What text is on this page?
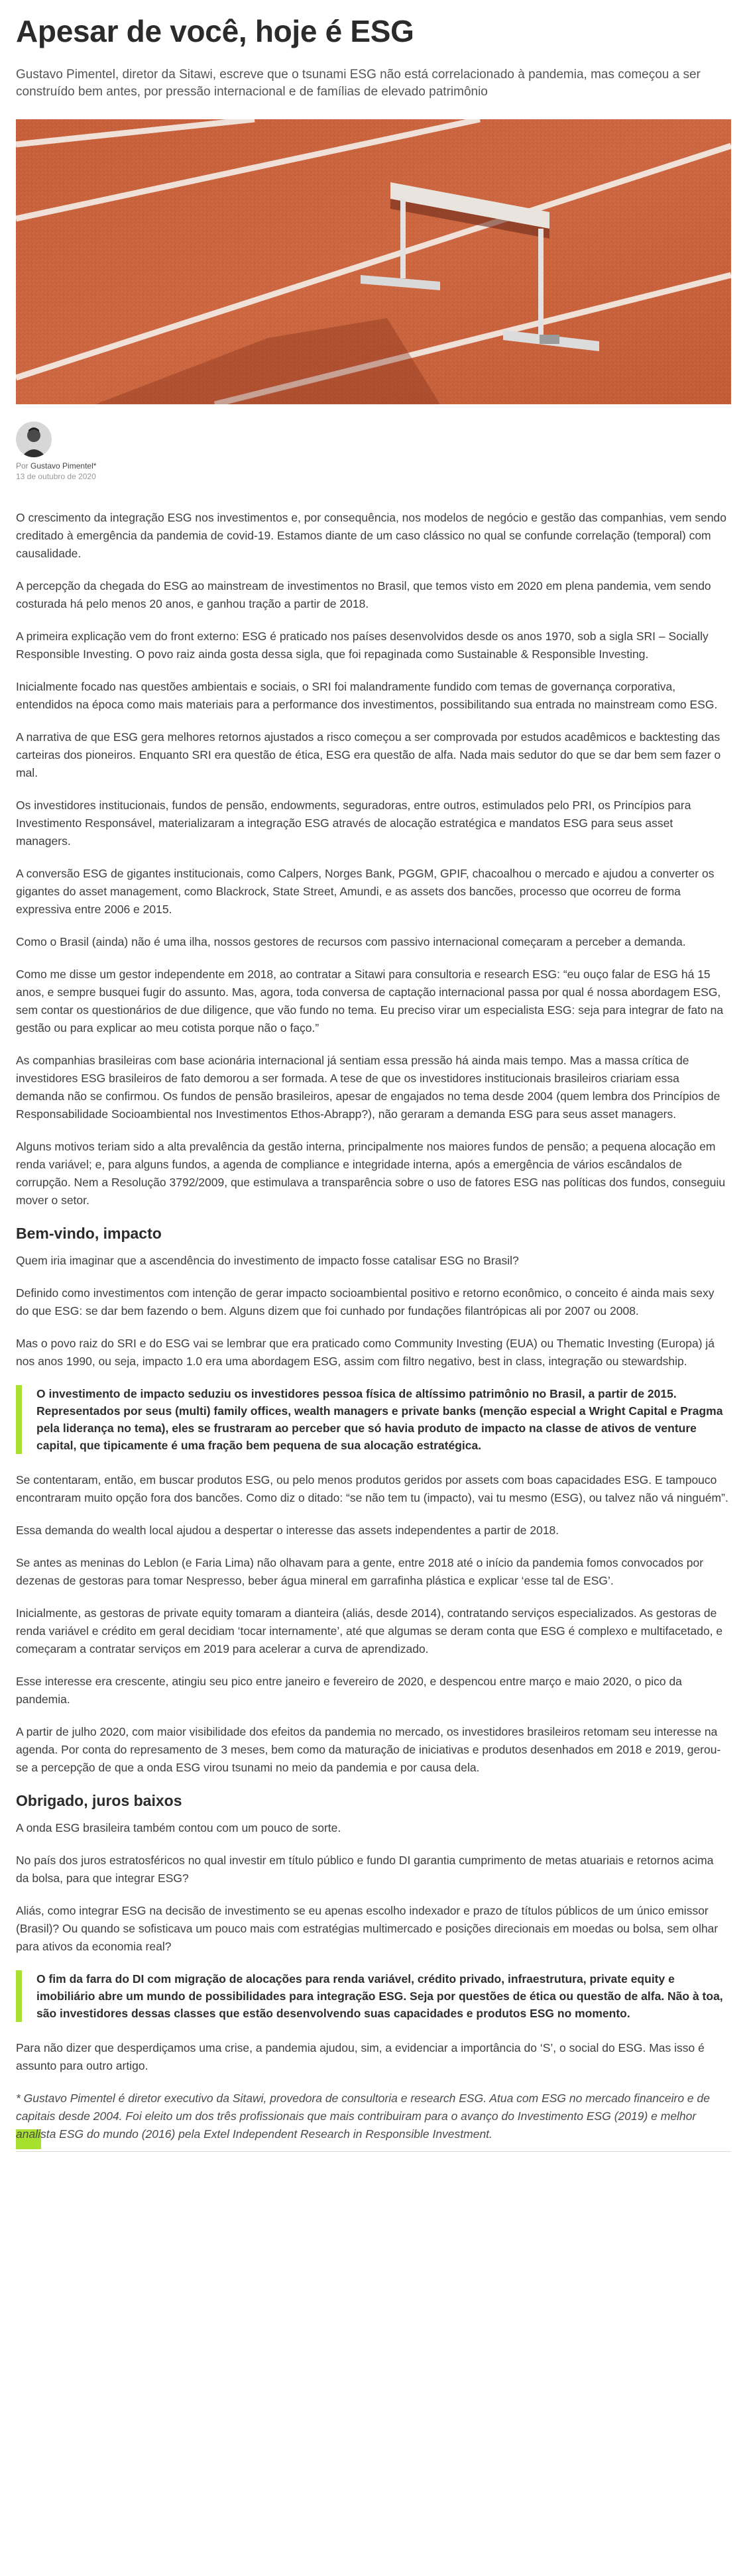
Apesar de você, hoje é ESG

Gustavo Pimentel, diretor da Sitawi, escreve que o tsunami ESG não está correlacionado à pandemia, mas começou a ser construído bem antes, por pressão internacional e de famílias de elevado patrimônio

Por Gustavo Pimentel*
13 de outubro de 2020

O crescimento da integração ESG nos investimentos e, por consequência, nos modelos de negócio e gestão das companhias, vem sendo creditado à emergência da pandemia de covid-19. Estamos diante de um caso clássico no qual se confunde correlação (temporal) com causalidade.

A percepção da chegada do ESG ao mainstream de investimentos no Brasil, que temos visto em 2020 em plena pandemia, vem sendo costurada há pelo menos 20 anos, e ganhou tração a partir de 2018.

A primeira explicação vem do front externo: ESG é praticado nos países desenvolvidos desde os anos 1970, sob a sigla SRI – Socially Responsible Investing. O povo raiz ainda gosta dessa sigla, que foi repaginada como Sustainable & Responsible Investing.

Inicialmente focado nas questões ambientais e sociais, o SRI foi malandramente fundido com temas de governança corporativa, entendidos na época como mais materiais para a performance dos investimentos, possibilitando sua entrada no mainstream como ESG.

A narrativa de que ESG gera melhores retornos ajustados a risco começou a ser comprovada por estudos acadêmicos e backtesting das carteiras dos pioneiros. Enquanto SRI era questão de ética, ESG era questão de alfa. Nada mais sedutor do que se dar bem sem fazer o mal.

Os investidores institucionais, fundos de pensão, endowments, seguradoras, entre outros, estimulados pelo PRI, os Princípios para Investimento Responsável, materializaram a integração ESG através de alocação estratégica e mandatos ESG para seus asset managers.

A conversão ESG de gigantes institucionais, como Calpers, Norges Bank, PGGM, GPIF, chacoalhou o mercado e ajudou a converter os gigantes do asset management, como Blackrock, State Street, Amundi, e as assets dos bancões, processo que ocorreu de forma expressiva entre 2006 e 2015.

Como o Brasil (ainda) não é uma ilha, nossos gestores de recursos com passivo internacional começaram a perceber a demanda.

Como me disse um gestor independente em 2018, ao contratar a Sitawi para consultoria e research ESG: “eu ouço falar de ESG há 15 anos, e sempre busquei fugir do assunto. Mas, agora, toda conversa de captação internacional passa por qual é nossa abordagem ESG, sem contar os questionários de due diligence, que vão fundo no tema. Eu preciso virar um especialista ESG: seja para integrar de fato na gestão ou para explicar ao meu cotista porque não o faço.”

As companhias brasileiras com base acionária internacional já sentiam essa pressão há ainda mais tempo. Mas a massa crítica de investidores ESG brasileiros de fato demorou a ser formada. A tese de que os investidores institucionais brasileiros criariam essa demanda não se confirmou. Os fundos de pensão brasileiros, apesar de engajados no tema desde 2004 (quem lembra dos Princípios de Responsabilidade Socioambiental nos Investimentos Ethos-Abrapp?), não geraram a demanda ESG para seus asset managers.

Alguns motivos teriam sido a alta prevalência da gestão interna, principalmente nos maiores fundos de pensão; a pequena alocação em renda variável; e, para alguns fundos, a agenda de compliance e integridade interna, após a emergência de vários escândalos de corrupção. Nem a Resolução 3792/2009, que estimulava a transparência sobre o uso de fatores ESG nas políticas dos fundos, conseguiu mover o setor.

Bem-vindo, impacto

Quem iria imaginar que a ascendência do investimento de impacto fosse catalisar ESG no Brasil?

Definido como investimentos com intenção de gerar impacto socioambiental positivo e retorno econômico, o conceito é ainda mais sexy do que ESG: se dar bem fazendo o bem. Alguns dizem que foi cunhado por fundações filantrópicas ali por 2007 ou 2008.

Mas o povo raiz do SRI e do ESG vai se lembrar que era praticado como Community Investing (EUA) ou Thematic Investing (Europa) já nos anos 1990, ou seja, impacto 1.0 era uma abordagem ESG, assim com filtro negativo, best in class, integração ou stewardship.

O investimento de impacto seduziu os investidores pessoa física de altíssimo patrimônio no Brasil, a partir de 2015. Representados por seus (multi) family offices, wealth managers e private banks (menção especial a Wright Capital e Pragma pela liderança no tema), eles se frustraram ao perceber que só havia produto de impacto na classe de ativos de venture capital, que tipicamente é uma fração bem pequena de sua alocação estratégica.

Se contentaram, então, em buscar produtos ESG, ou pelo menos produtos geridos por assets com boas capacidades ESG. E tampouco encontraram muito opção fora dos bancões. Como diz o ditado: “se não tem tu (impacto), vai tu mesmo (ESG), ou talvez não vá ninguém”.

Essa demanda do wealth local ajudou a despertar o interesse das assets independentes a partir de 2018.

Se antes as meninas do Leblon (e Faria Lima) não olhavam para a gente, entre 2018 até o início da pandemia fomos convocados por dezenas de gestoras para tomar Nespresso, beber água mineral em garrafinha plástica e explicar ‘esse tal de ESG’.

Inicialmente, as gestoras de private equity tomaram a dianteira (aliás, desde 2014), contratando serviços especializados. As gestoras de renda variável e crédito em geral decidiam ‘tocar internamente’, até que algumas se deram conta que ESG é complexo e multifacetado, e começaram a contratar serviços em 2019 para acelerar a curva de aprendizado.

Esse interesse era crescente, atingiu seu pico entre janeiro e fevereiro de 2020, e despencou entre março e maio 2020, o pico da pandemia.

A partir de julho 2020, com maior visibilidade dos efeitos da pandemia no mercado, os investidores brasileiros retomam seu interesse na agenda. Por conta do represamento de 3 meses, bem como da maturação de iniciativas e produtos desenhados em 2018 e 2019, gerou-se a percepção de que a onda ESG virou tsunami no meio da pandemia e por causa dela.

Obrigado, juros baixos

A onda ESG brasileira também contou com um pouco de sorte.

No país dos juros estratosféricos no qual investir em título público e fundo DI garantia cumprimento de metas atuariais e retornos acima da bolsa, para que integrar ESG?

Aliás, como integrar ESG na decisão de investimento se eu apenas escolho indexador e prazo de títulos públicos de um único emissor (Brasil)? Ou quando se sofisticava um pouco mais com estratégias multimercado e posições direcionais em moedas ou bolsa, sem olhar para ativos da economia real?

O fim da farra do DI com migração de alocações para renda variável, crédito privado, infraestrutura, private equity e imobiliário abre um mundo de possibilidades para integração ESG. Seja por questões de ética ou questão de alfa. Não à toa, são investidores dessas classes que estão desenvolvendo suas capacidades e produtos ESG no momento.

Para não dizer que desperdiçamos uma crise, a pandemia ajudou, sim, a evidenciar a importância do ‘S’, o social do ESG. Mas isso é assunto para outro artigo.

* Gustavo Pimentel é diretor executivo da Sitawi, provedora de consultoria e research ESG. Atua com ESG no mercado financeiro e de capitais desde 2004. Foi eleito um dos três profissionais que mais contribuiram para o avanço do Investimento ESG (2019) e melhor analista ESG do mundo (2016) pela Extel Independent Research in Responsible Investment.
